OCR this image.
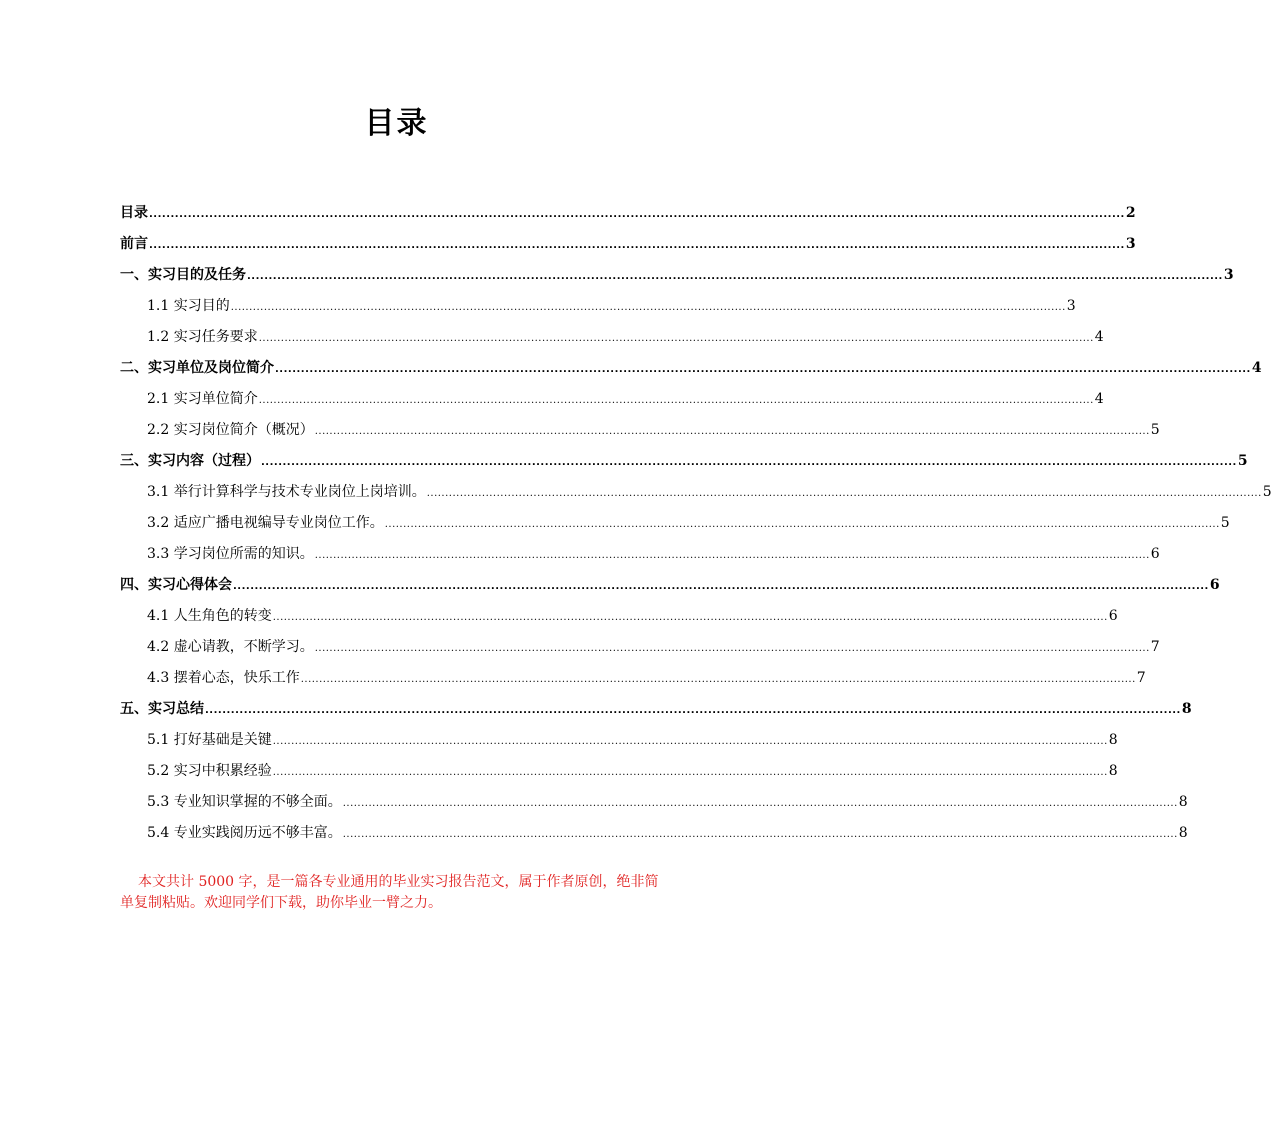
目录
目录 ................................................................................................................................................................................................................................... 2
前言 ................................................................................................................................................................................................................................... 3
一、实习目的及任务 ................................................................................................................................................................................................................................... 3
1.1 实习目的 ................................................................................................................................................................................................................................... 3
1.2 实习任务要求 ................................................................................................................................................................................................................................... 4
二、实习单位及岗位简介 ................................................................................................................................................................................................................................... 4
2.1 实习单位简介 ................................................................................................................................................................................................................................... 4
2.2 实习岗位简介（概况） ................................................................................................................................................................................................................................... 5
三、实习内容（过程） ................................................................................................................................................................................................................................... 5
3.1 举行计算科学与技术专业岗位上岗培训。 ................................................................................................................................................................................................................................... 5
3.2 适应广播电视编导专业岗位工作。 ................................................................................................................................................................................................................................... 5
3.3 学习岗位所需的知识。 ................................................................................................................................................................................................................................... 6
四、实习心得体会 ................................................................................................................................................................................................................................... 6
4.1 人生角色的转变 ................................................................................................................................................................................................................................... 6
4.2 虚心请教，不断学习。 ................................................................................................................................................................................................................................... 7
4.3 摆着心态，快乐工作 ................................................................................................................................................................................................................................... 7
五、实习总结 ................................................................................................................................................................................................................................... 8
5.1 打好基础是关键 ................................................................................................................................................................................................................................... 8
5.2 实习中积累经验 ................................................................................................................................................................................................................................... 8
5.3 专业知识掌握的不够全面。 ................................................................................................................................................................................................................................... 8
5.4 专业实践阅历远不够丰富。 ................................................................................................................................................................................................................................... 8

本文共计 5000 字，是一篇各专业通用的毕业实习报告范文，属于作者原创，绝非简单复制粘贴。欢迎同学们下载，助你毕业一臂之力。
